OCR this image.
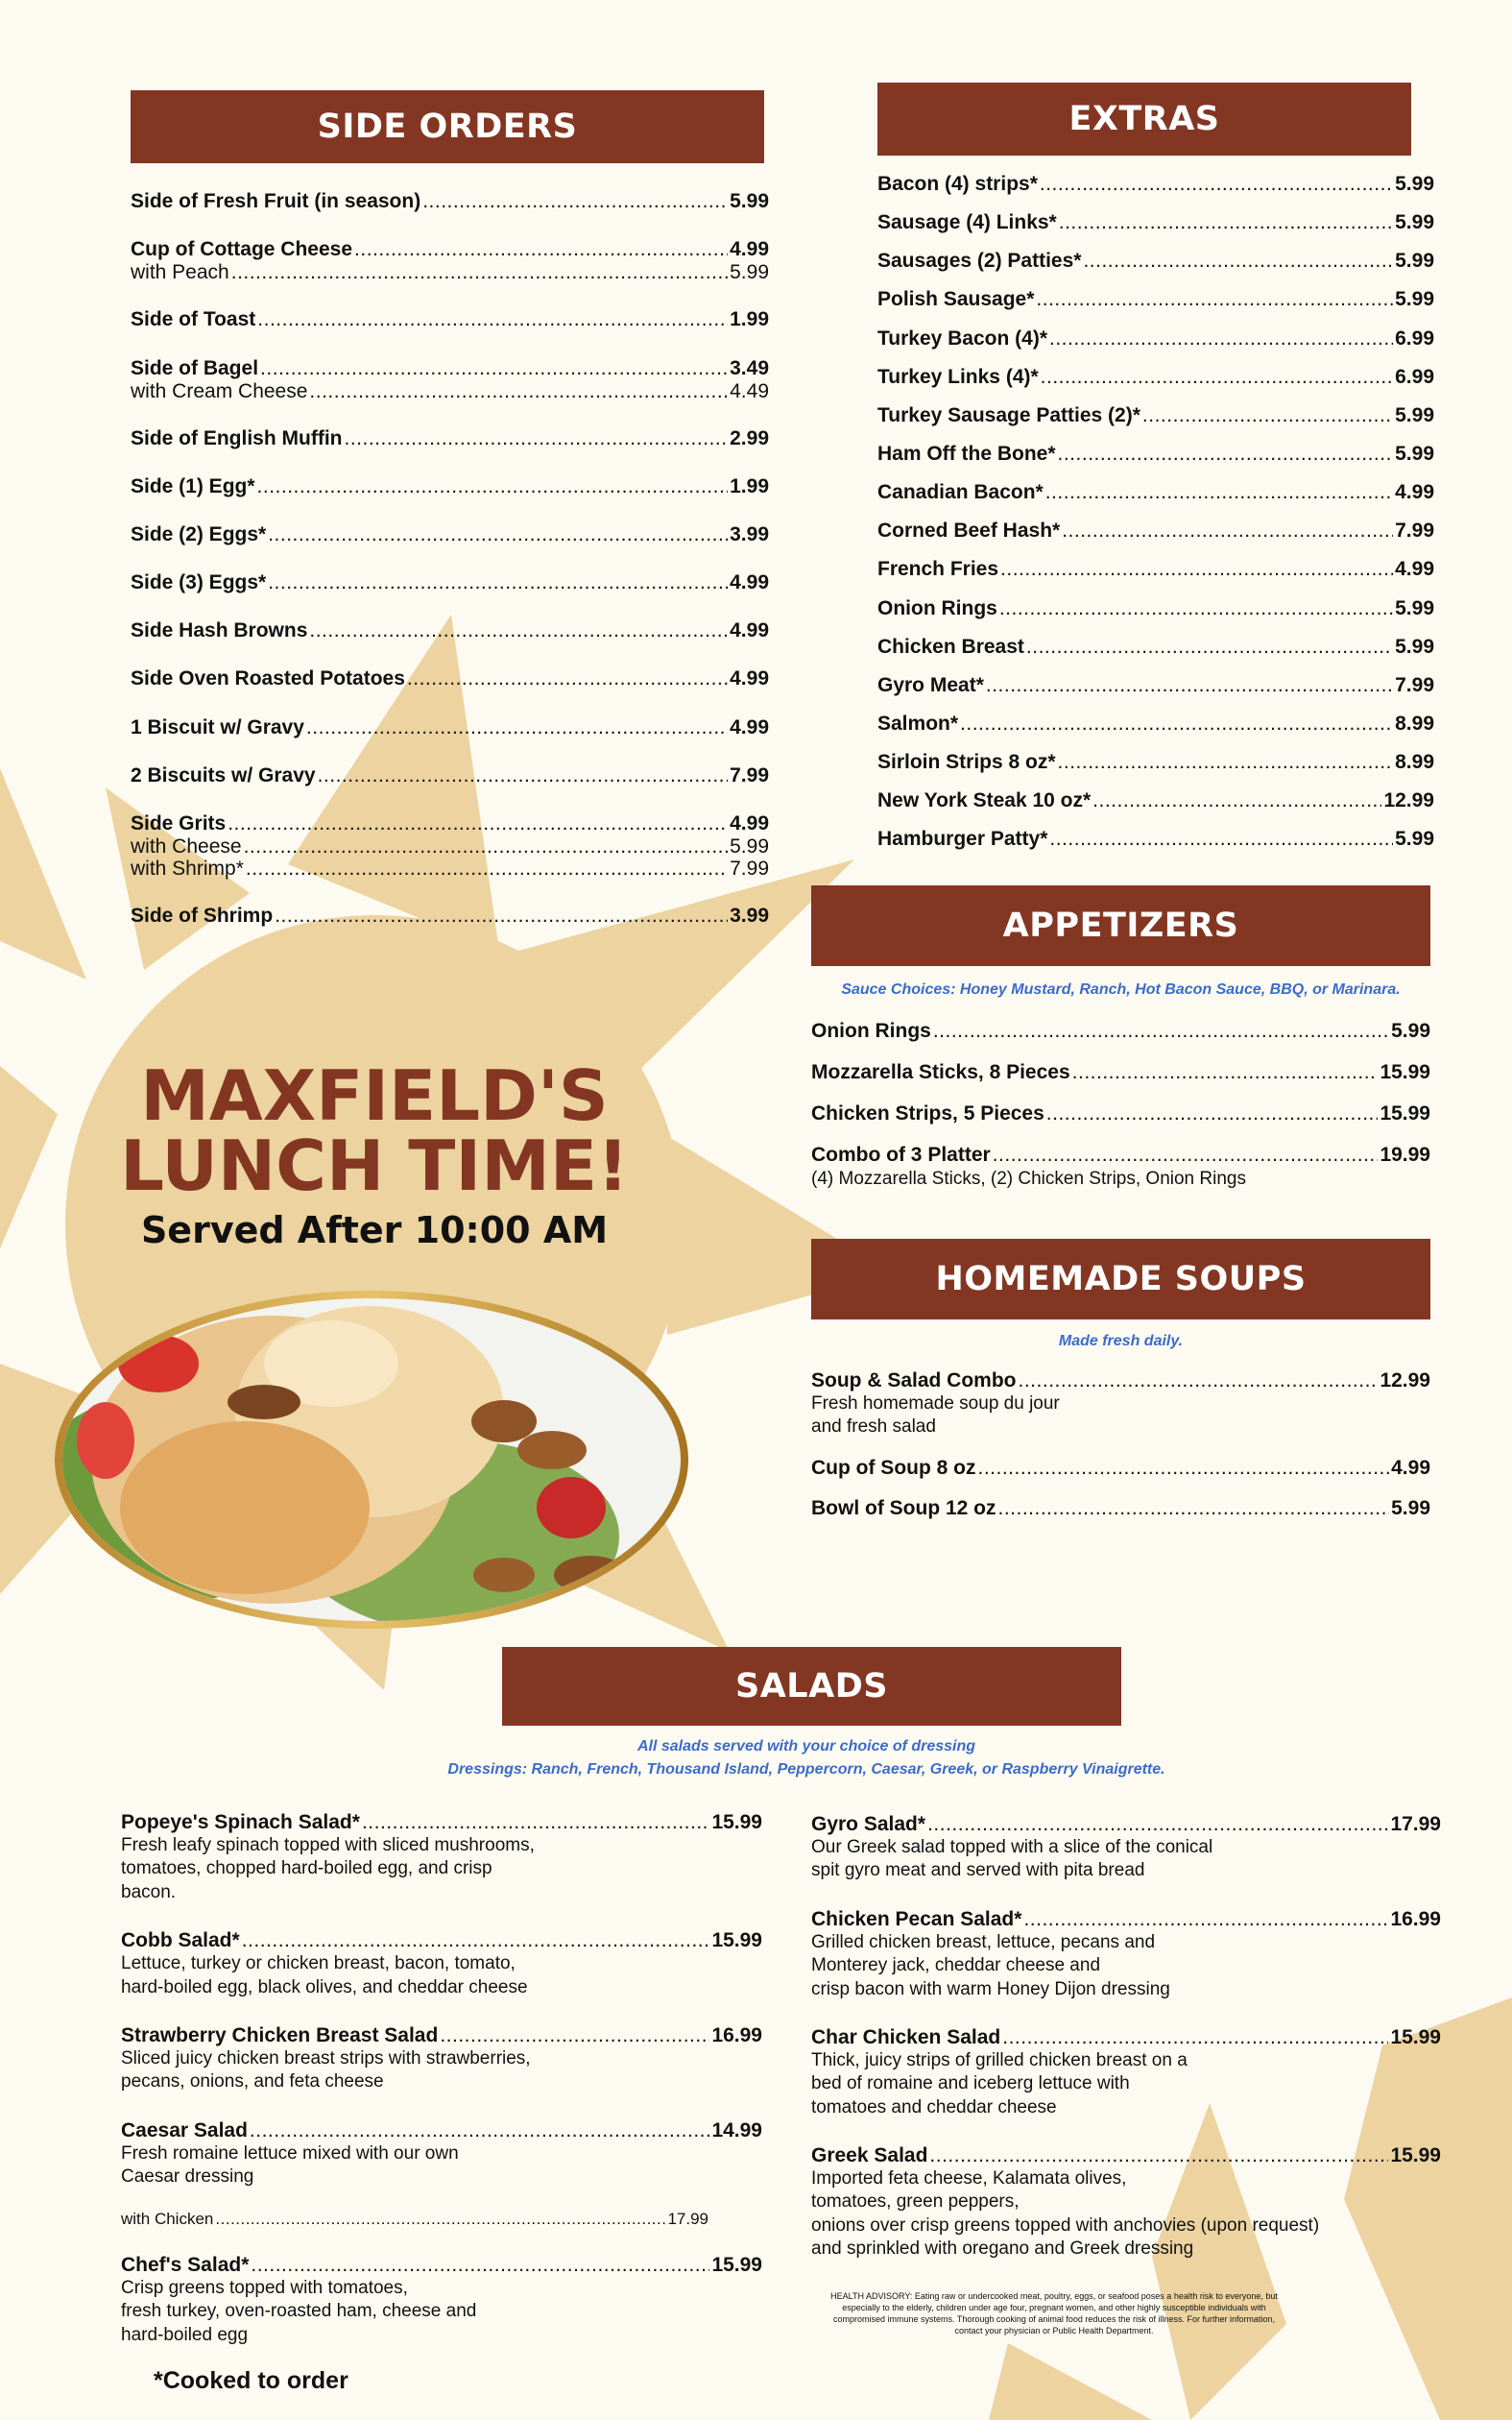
SIDE ORDERS
Side of Fresh Fruit (in season) .....	5.99
Cup of Cottage Cheese .....	4.99
with Peach .....	5.99
Side of Toast .....	1.99
Side of Bagel .....	3.49
with Cream Cheese .....	4.49
Side of English Muffin .....	2.99
Side (1) Egg* .....	1.99
Side (2) Eggs* .....	3.99
Side (3) Eggs* .....	4.99
Side Hash Browns .....	4.99
Side Oven Roasted Potatoes .....	4.99
1 Biscuit w/ Gravy .....	4.99
2 Biscuits w/ Gravy .....	7.99
Side Grits .....	4.99
with Cheese .....	5.99
with Shrimp* .....	7.99
Side of Shrimp .....	3.99
EXTRAS
Bacon (4) strips* .....	5.99
Sausage (4) Links* .....	5.99
Sausages (2) Patties* .....	5.99
Polish Sausage* .....	5.99
Turkey Bacon (4)* .....	6.99
Turkey Links (4)* .....	6.99
Turkey Sausage Patties (2)* .....	5.99
Ham Off the Bone* .....	5.99
Canadian Bacon* .....	4.99
Corned Beef Hash* .....	7.99
French Fries .....	4.99
Onion Rings .....	5.99
Chicken Breast .....	5.99
Gyro Meat* .....	7.99
Salmon* .....	8.99
Sirloin Strips 8 oz* .....	8.99
New York Steak 10 oz* .....	12.99
Hamburger Patty* .....	5.99
APPETIZERS
Sauce Choices: Honey Mustard, Ranch, Hot Bacon Sauce, BBQ, or Marinara.
Onion Rings .....	5.99
Mozzarella Sticks, 8 Pieces .....	15.99
Chicken Strips, 5 Pieces .....	15.99
Combo of 3 Platter .....	19.99
(4) Mozzarella Sticks, (2) Chicken Strips, Onion Rings
HOMEMADE SOUPS
Made fresh daily.
Soup & Salad Combo .....	12.99
Fresh homemade soup du jour
and fresh salad
Cup of Soup 8 oz .....	4.99
Bowl of Soup 12 oz .....	5.99
MAXFIELD'S
LUNCH TIME!
Served After 10:00 AM
SALADS
All salads served with your choice of dressing
Dressings: Ranch, French, Thousand Island, Peppercorn, Caesar, Greek, or Raspberry Vinaigrette.
Popeye's Spinach Salad* .....	15.99
Fresh leafy spinach topped with sliced mushrooms,
tomatoes, chopped hard-boiled egg, and crisp
bacon.
Cobb Salad* .....	15.99
Lettuce, turkey or chicken breast, bacon, tomato,
hard-boiled egg, black olives, and cheddar cheese
Strawberry Chicken Breast Salad .....	16.99
Sliced juicy chicken breast strips with strawberries,
pecans, onions, and feta cheese
Caesar Salad .....	14.99
Fresh romaine lettuce mixed with our own
Caesar dressing
with Chicken .....	17.99
Chef's Salad* .....	15.99
Crisp greens topped with tomatoes,
fresh turkey, oven-roasted ham, cheese and
hard-boiled egg
Gyro Salad* .....	17.99
Our Greek salad topped with a slice of the conical
spit gyro meat and served with pita bread
Chicken Pecan Salad* .....	16.99
Grilled chicken breast, lettuce, pecans and
Monterey jack, cheddar cheese and
crisp bacon with warm Honey Dijon dressing
Char Chicken Salad .....	15.99
Thick, juicy strips of grilled chicken breast on a
bed of romaine and iceberg lettuce with
tomatoes and cheddar cheese
Greek Salad .....	15.99
Imported feta cheese, Kalamata olives,
tomatoes, green peppers,
onions over crisp greens topped with anchovies (upon request)
and sprinkled with oregano and Greek dressing
*Cooked to order
HEALTH ADVISORY: Eating raw or undercooked meat, poultry, eggs, or seafood poses a health risk to everyone, but especially to the elderly, children under age four, pregnant women, and other highly susceptible individuals with compromised immune systems. Thorough cooking of animal food reduces the risk of illness. For further information, contact your physician or Public Health Department.
